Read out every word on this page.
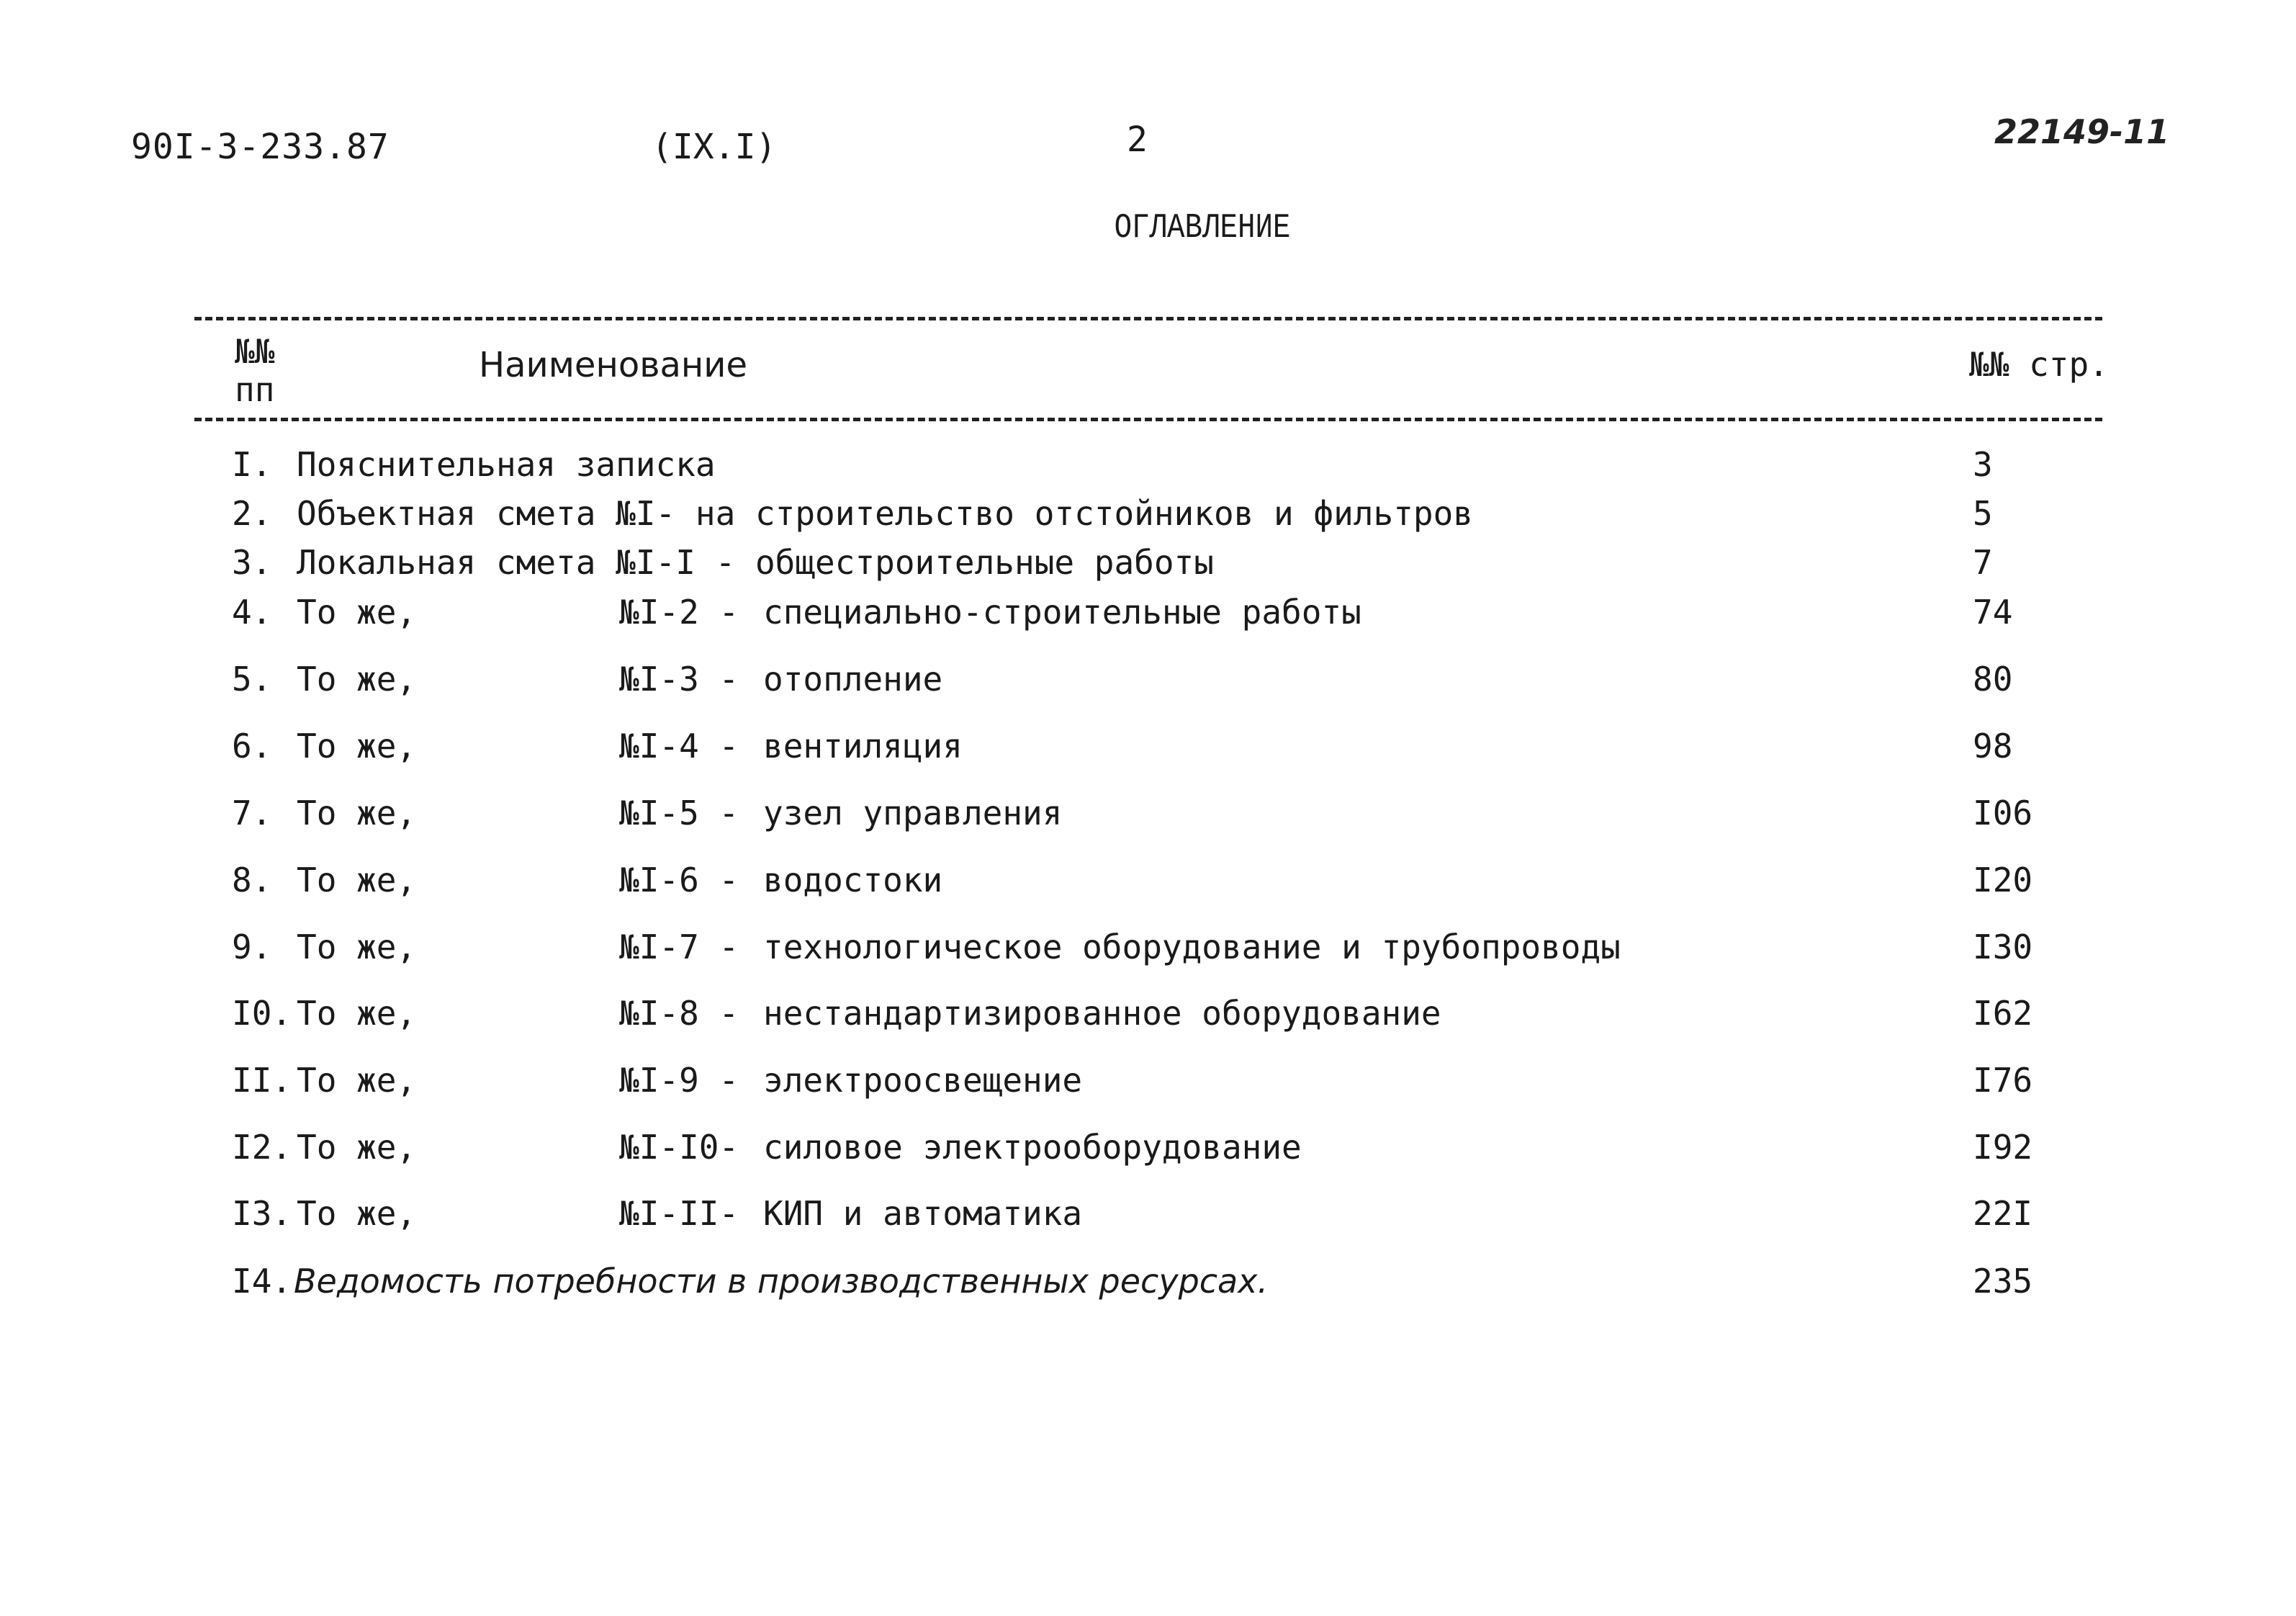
90I-3-233.87	(IX.I)	2	22149-11
ОГЛАВЛЕНИЕ
№№
пп
Наименование	№№ стр.
I. Пояснительная записка	3
2. Объектная смета №I- на строительство отстойников и фильтров	5
3. Локальная смета №I-I - общестроительные работы	7
4. То же,	№I-2 - специально-строительные работы	74
5. То же,	№I-3 - отопление	80
6. То же,	№I-4 - вентиляция	98
7. То же,	№I-5 - узел управления	I06
8. То же,	№I-6 - водостоки	I20
9. То же,	№I-7 - технологическое оборудование и трубопроводы	I30
I0. То же,	№I-8 - нестандартизированное оборудование	I62
II. То же,	№I-9 - электроосвещение	I76
I2. То же,	№I-I0- силовое электрооборудование	I92
I3. То же,	№I-II- КИП и автоматика	22I
I4. Ведомость потребности в производственных ресурсах.	235
